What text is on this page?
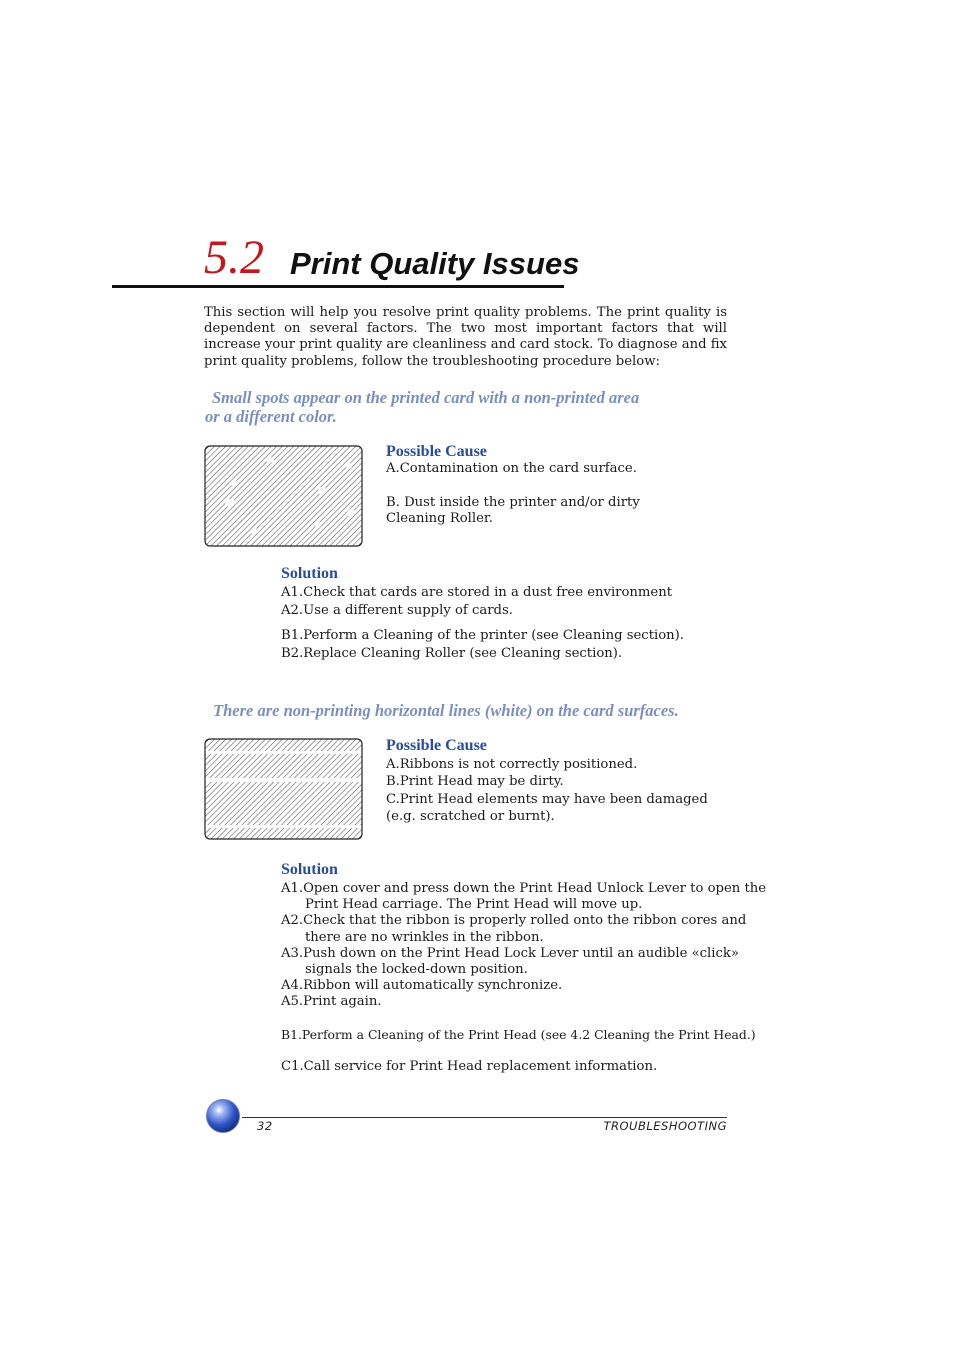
5.2 Print Quality Issues
This section will help you resolve print quality problems. The print quality is dependent on several factors. The two most important factors that will increase your print quality are cleanliness and card stock. To diagnose and fix print quality problems, follow the troubleshooting procedure below:

Small spots appear on the printed card with a non-printed area

or a different color.

Possible Cause

A.Contamination on the card surface.

B. Dust inside the printer and/or dirty

Cleaning Roller.

Solution

A1.Check that cards are stored in a dust free environment

A2.Use a different supply of cards.

B1.Perform a Cleaning of the printer (see Cleaning section).

B2.Replace Cleaning Roller (see Cleaning section).

There are non-printing horizontal lines (white) on the card surfaces.

Possible Cause

A.Ribbons is not correctly positioned.

B.Print Head may be dirty.

C.Print Head elements may have been damaged

(e.g. scratched or burnt).

Solution

A1.Open cover and press down the Print Head Unlock Lever to open the

Print Head carriage. The Print Head will move up.

A2.Check that the ribbon is properly rolled onto the ribbon cores and

there are no wrinkles in the ribbon.

A3.Push down on the Print Head Lock Lever until an audible «click»

signals the locked-down position.

A4.Ribbon will automatically synchronize.

A5.Print again.

B1.Perform a Cleaning of the Print Head (see 4.2 Cleaning the Print Head.)

C1.Call service for Print Head replacement information.

32	TROUBLESHOOTING
